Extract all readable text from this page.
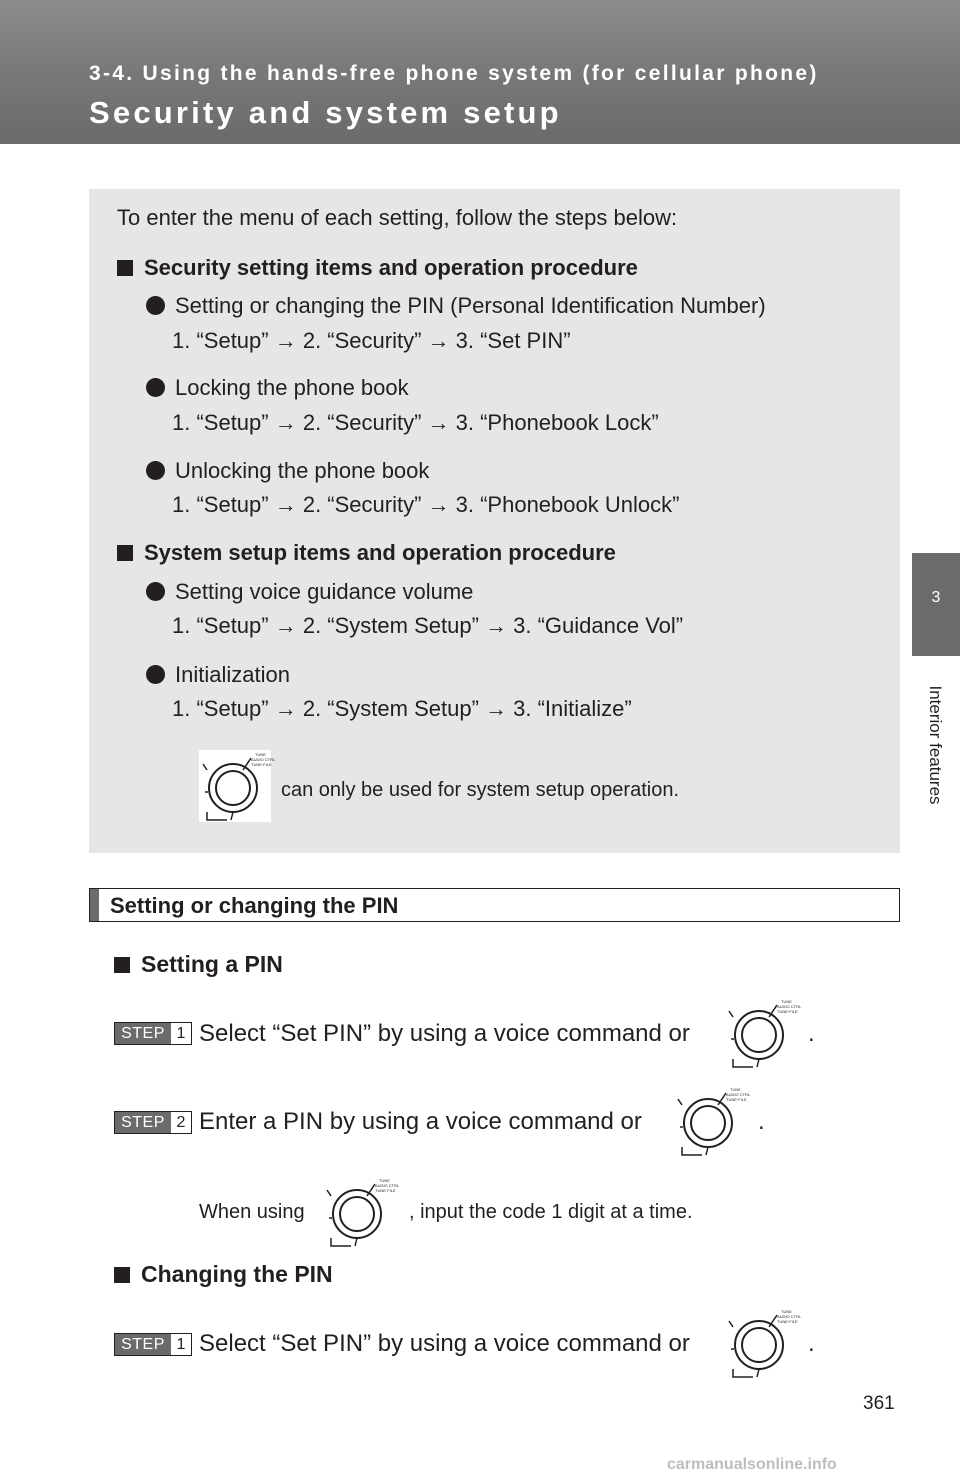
3-4. Using the hands-free phone system (for cellular phone)
Security and system setup
3
Interior features
To enter the menu of each setting, follow the steps below:
Security setting items and operation procedure
Setting or changing the PIN (Personal Identification Number)
1. “Setup” → 2. “Security” → 3. “Set PIN”
Locking the phone book
1. “Setup” → 2. “Security” → 3. “Phonebook Lock”
Unlocking the phone book
1. “Setup” → 2. “Security” → 3. “Phonebook Unlock”
System setup items and operation procedure
Setting voice guidance volume
1. “Setup” → 2. “System Setup” → 3. “Guidance Vol”
Initialization
1. “Setup” → 2. “System Setup” → 3. “Initialize”
TUNE
AUDIO CTRL
TUNE·FILE
can only be used for system setup operation.
Setting or changing the PIN
Setting a PIN
STEP 1 Select “Set PIN” by using a voice command or
TUNE
AUDIO CTRL
TUNE·FILE
.
STEP 2 Enter a PIN by using a voice command or
TUNE
AUDIO CTRL
TUNE·FILE
.
When using
TUNE
AUDIO CTRL
TUNE·FILE
, input the code 1 digit at a time.
Changing the PIN
STEP 1 Select “Set PIN” by using a voice command or
TUNE
AUDIO CTRL
TUNE·FILE
.
361
carmanualsonline.info
